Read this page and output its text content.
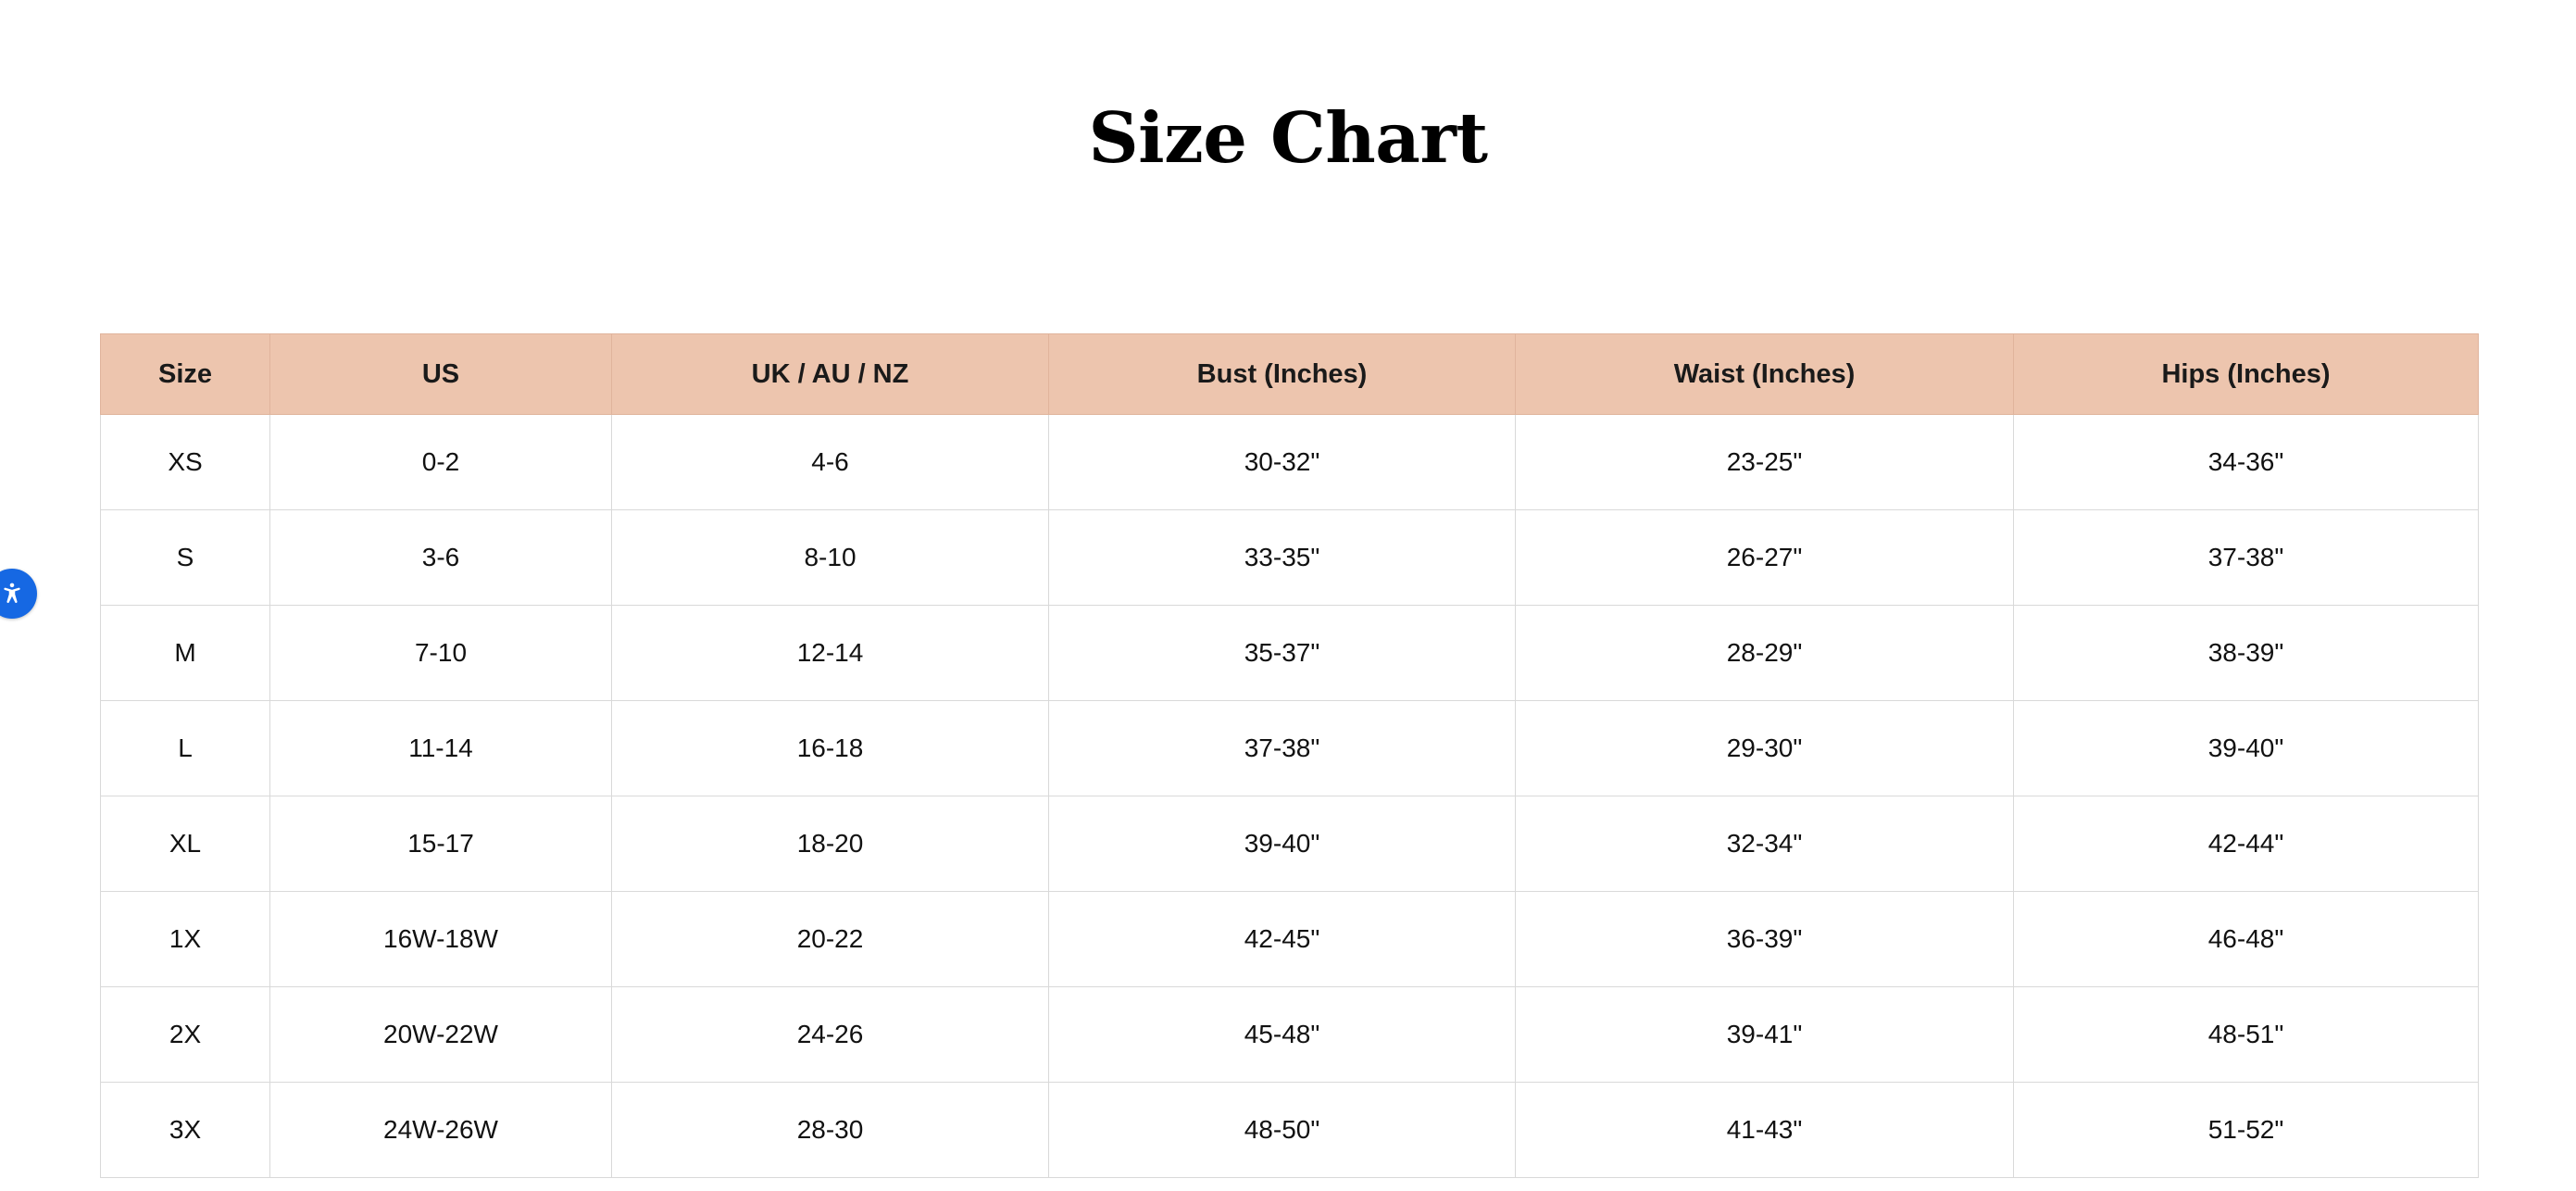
Size Chart
Size	US	UK / AU / NZ	Bust (Inches)	Waist (Inches)	Hips (Inches)
XS	0-2	4-6	30-32"	23-25"	34-36"
S	3-6	8-10	33-35"	26-27"	37-38"
M	7-10	12-14	35-37"	28-29"	38-39"
L	11-14	16-18	37-38"	29-30"	39-40"
XL	15-17	18-20	39-40"	32-34"	42-44"
1X	16W-18W	20-22	42-45"	36-39"	46-48"
2X	20W-22W	24-26	45-48"	39-41"	48-51"
3X	24W-26W	28-30	48-50"	41-43"	51-52"
